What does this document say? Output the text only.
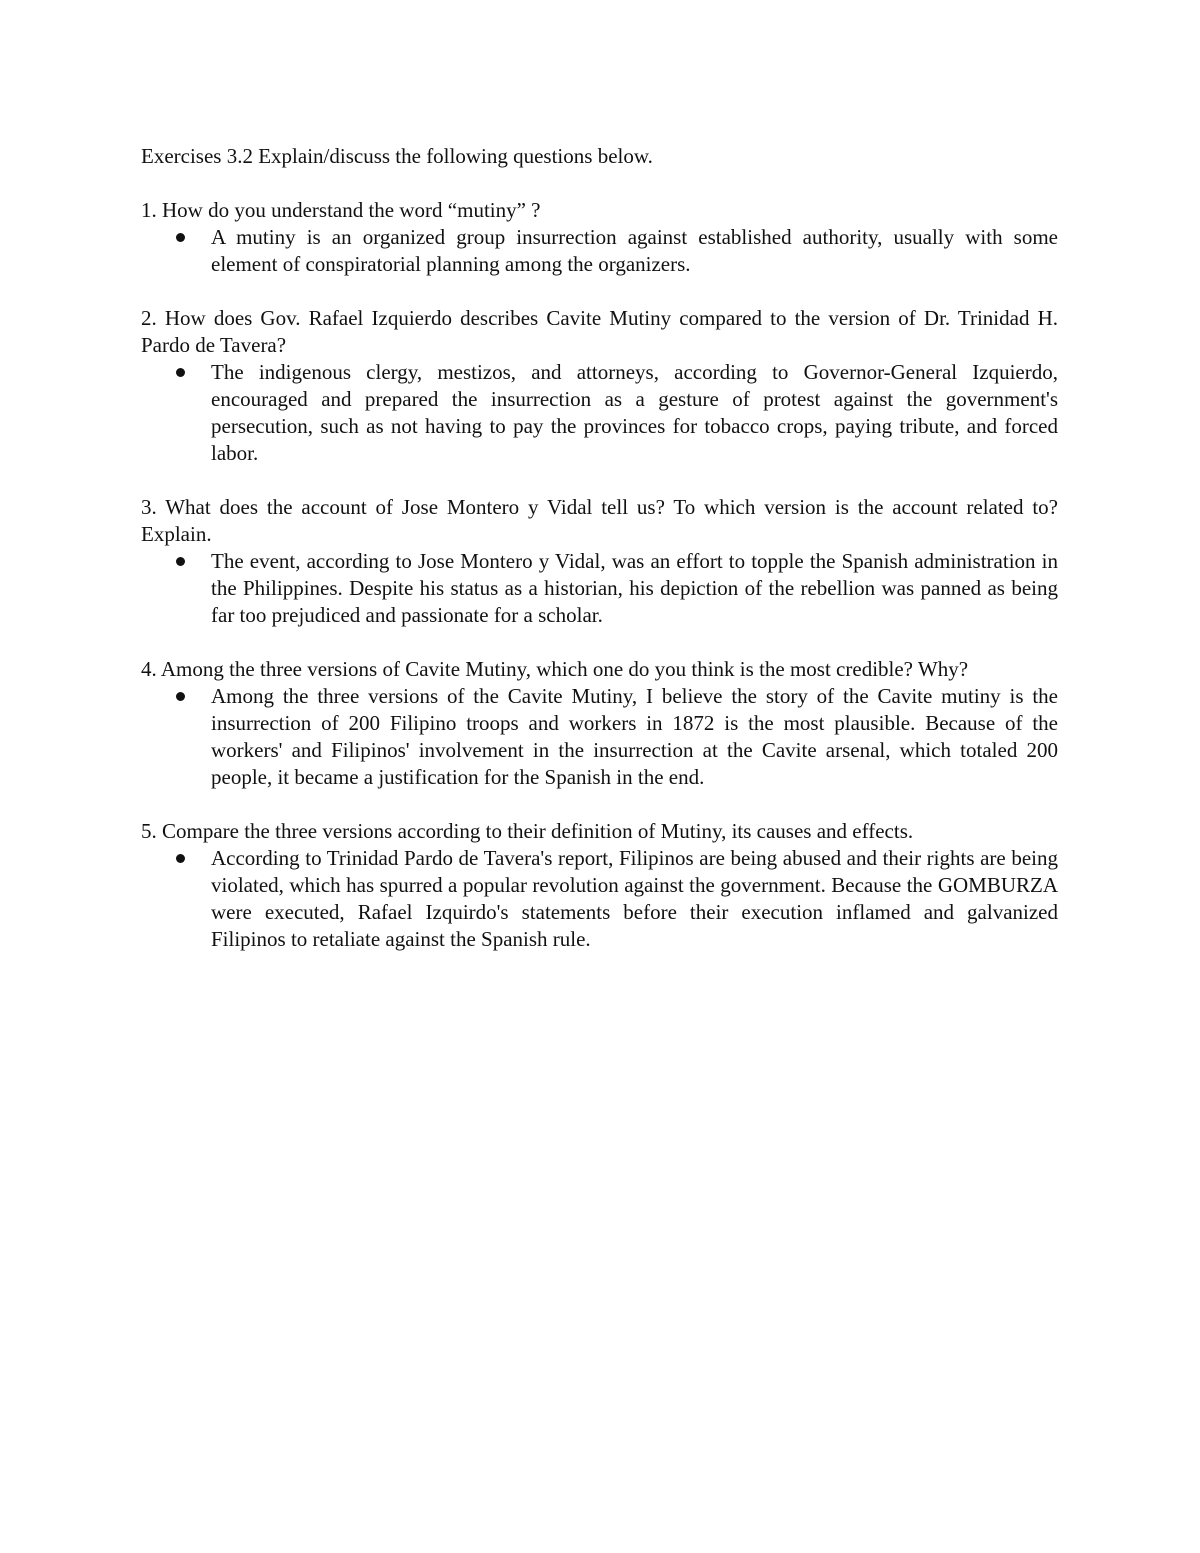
Exercises 3.2 Explain/discuss the following questions below.

1. How do you understand the word “mutiny” ?

A mutiny is an organized group insurrection against established authority, usually with some element of conspiratorial planning among the organizers.

2. How does Gov. Rafael Izquierdo describes Cavite Mutiny compared to the version of Dr. Trinidad H. Pardo de Tavera?

The indigenous clergy, mestizos, and attorneys, according to Governor-General Izquierdo, encouraged and prepared the insurrection as a gesture of protest against the government's persecution, such as not having to pay the provinces for tobacco crops, paying tribute, and forced labor.

3. What does the account of Jose Montero y Vidal tell us? To which version is the account related to? Explain.

The event, according to Jose Montero y Vidal, was an effort to topple the Spanish administration in the Philippines. Despite his status as a historian, his depiction of the rebellion was panned as being far too prejudiced and passionate for a scholar.

4. Among the three versions of Cavite Mutiny, which one do you think is the most credible? Why?

Among the three versions of the Cavite Mutiny, I believe the story of the Cavite mutiny is the insurrection of 200 Filipino troops and workers in 1872 is the most plausible. Because of the workers' and Filipinos' involvement in the insurrection at the Cavite arsenal, which totaled 200 people, it became a justification for the Spanish in the end.

5. Compare the three versions according to their definition of Mutiny, its causes and effects.

According to Trinidad Pardo de Tavera's report, Filipinos are being abused and their rights are being violated, which has spurred a popular revolution against the government. Because the GOMBURZA were executed, Rafael Izquirdo's statements before their execution inflamed and galvanized Filipinos to retaliate against the Spanish rule.
